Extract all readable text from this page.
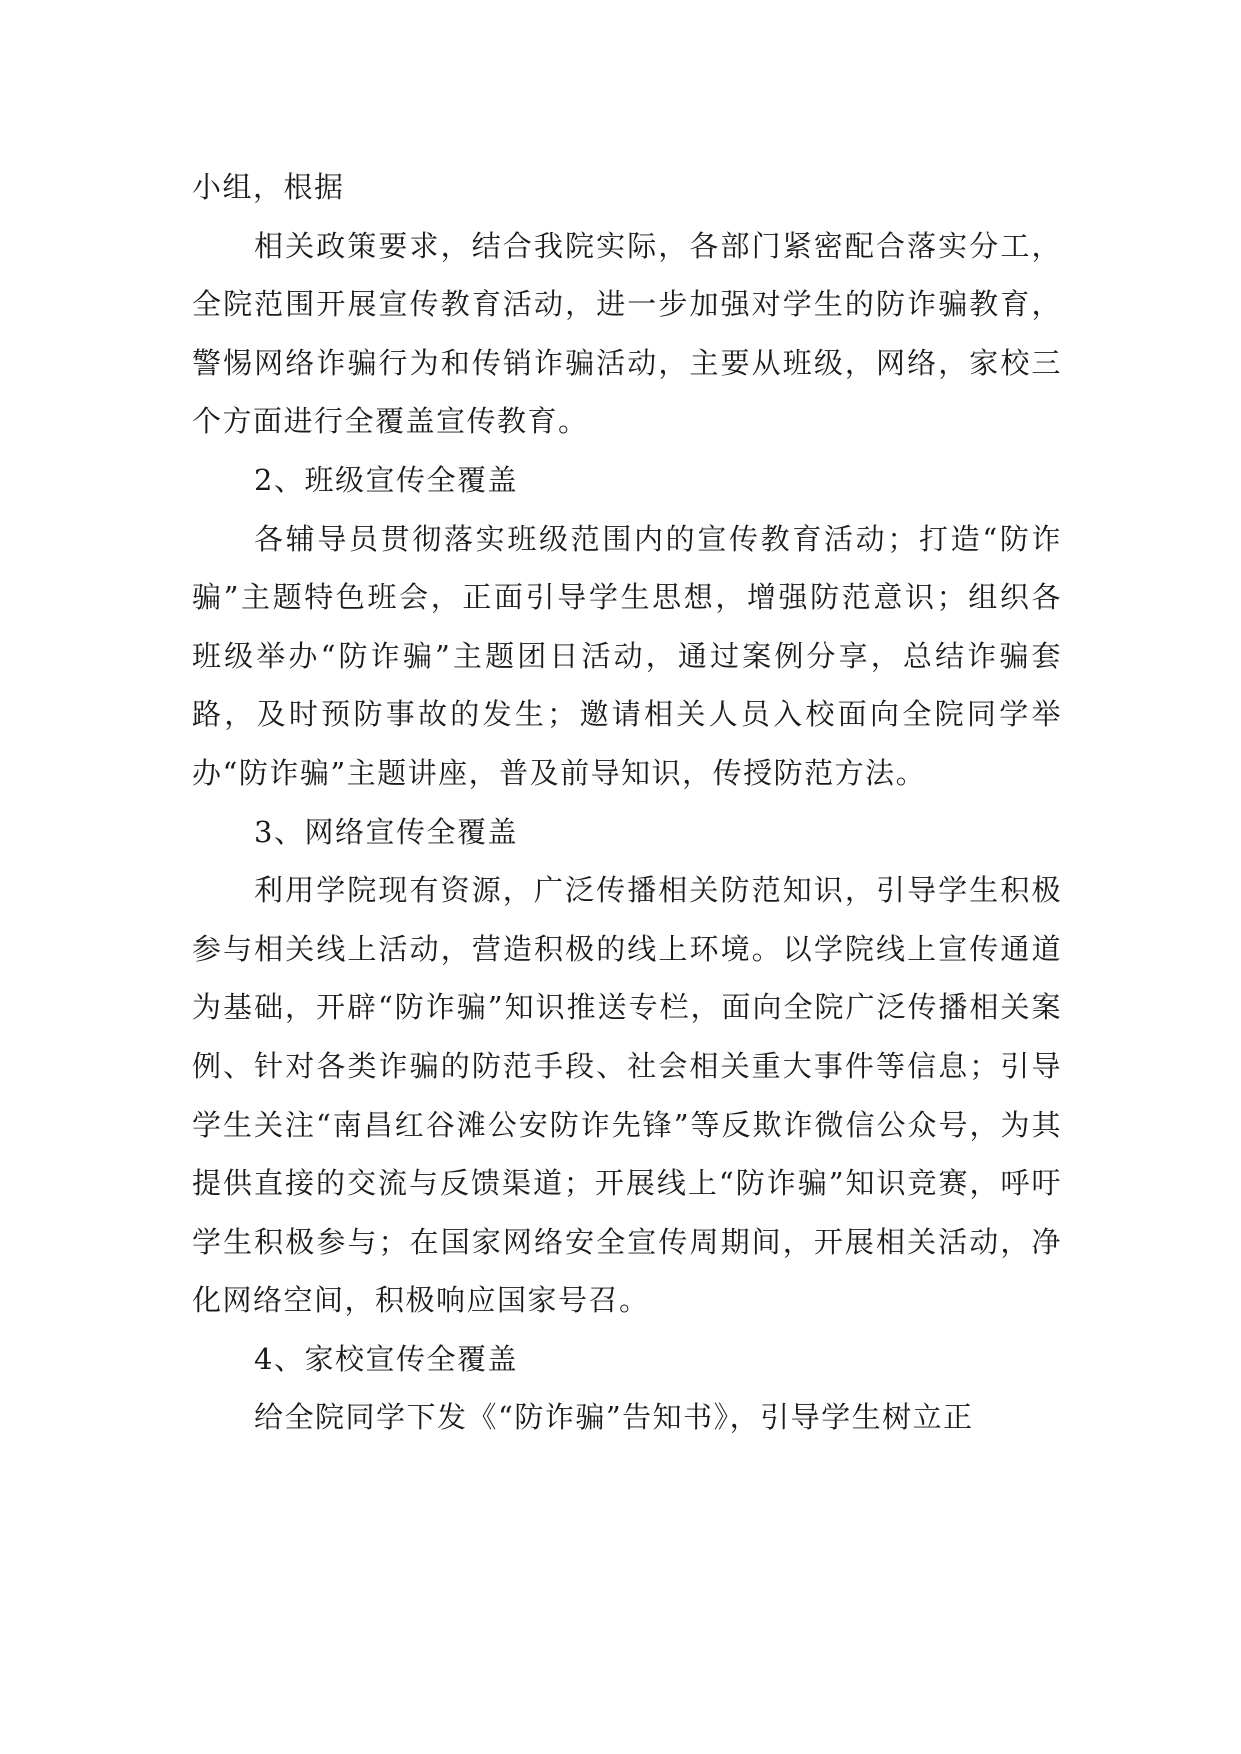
小组，根据

相关政策要求，结合我院实际，各部门紧密配合落实分工，全院范围开展宣传教育活动，进一步加强对学生的防诈骗教育，警惕网络诈骗行为和传销诈骗活动，主要从班级，网络，家校三个方面进行全覆盖宣传教育。

2、班级宣传全覆盖

各辅导员贯彻落实班级范围内的宣传教育活动；打造“防诈骗”主题特色班会，正面引导学生思想，增强防范意识；组织各班级举办“防诈骗”主题团日活动，通过案例分享，总结诈骗套路，及时预防事故的发生；邀请相关人员入校面向全院同学举办“防诈骗”主题讲座，普及前导知识，传授防范方法。

3、网络宣传全覆盖

利用学院现有资源，广泛传播相关防范知识，引导学生积极参与相关线上活动，营造积极的线上环境。以学院线上宣传通道为基础，开辟“防诈骗”知识推送专栏，面向全院广泛传播相关案例、针对各类诈骗的防范手段、社会相关重大事件等信息；引导学生关注“南昌红谷滩公安防诈先锋”等反欺诈微信公众号，为其提供直接的交流与反馈渠道；开展线上“防诈骗”知识竞赛，呼吁学生积极参与；在国家网络安全宣传周期间，开展相关活动，净化网络空间，积极响应国家号召。

4、家校宣传全覆盖

给全院同学下发《“防诈骗”告知书》，引导学生树立正
